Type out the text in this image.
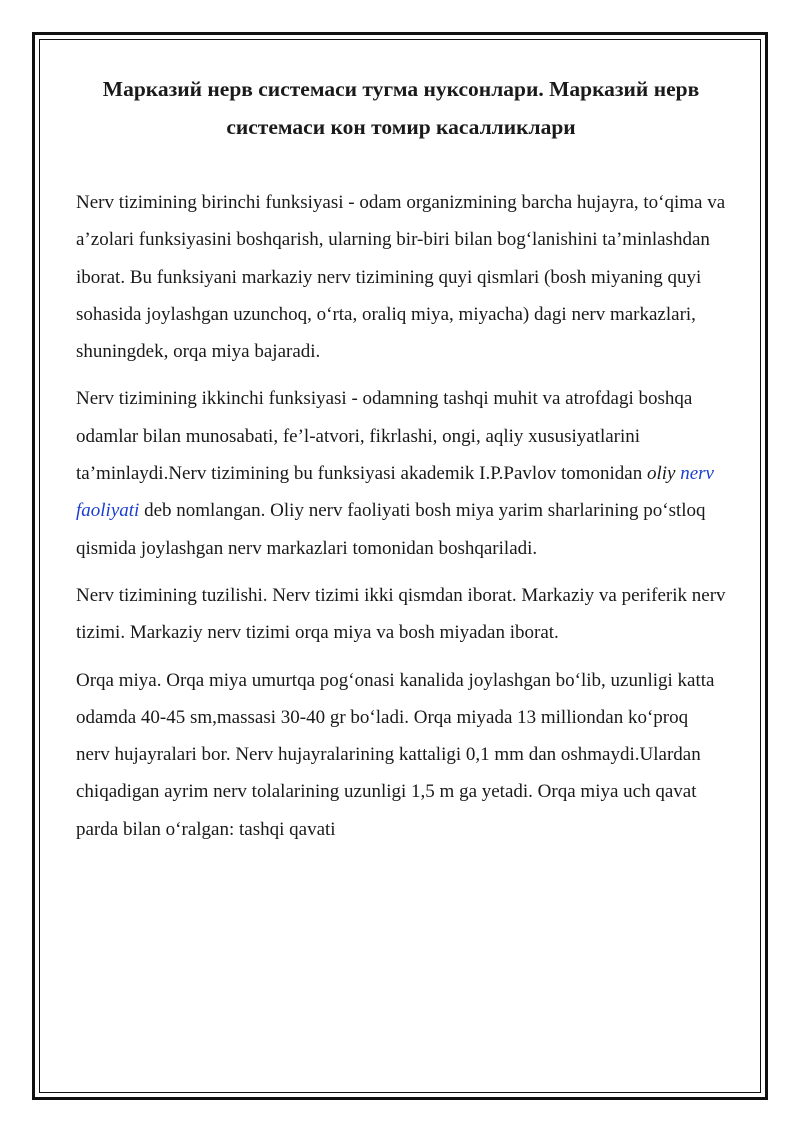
Марказий нерв системаси тугма нуксонлари. Марказий нерв системаси кон томир касалликлари

Nerv tizimining birinchi funksiyasi - odam organizmining barcha hujayra, to‘qima va a’zolari funksiyasini boshqarish, ularning bir-biri bilan bog‘lanishini ta’minlashdan iborat. Bu funksiyani markaziy nerv tizimining quyi qismlari (bosh miyaning quyi sohasida joylashgan uzunchoq, o‘rta, oraliq miya, miyacha) dagi nerv markazlari, shuningdek, orqa miya bajaradi.

Nerv tizimining ikkinchi funksiyasi - odamning tashqi muhit va atrofdagi boshqa odamlar bilan munosabati, fe’l-atvori, fikrlashi, ongi, aqliy xususiyatlarini ta’minlaydi.Nerv tizimining bu funksiyasi akademik I.P.Pavlov tomonidan oliy nerv faoliyati deb nomlangan. Oliy nerv faoliyati bosh miya yarim sharlarining po‘stloq qismida joylashgan nerv markazlari tomonidan boshqariladi.

Nerv tizimining tuzilishi. Nerv tizimi ikki qismdan iborat. Markaziy va periferik nerv tizimi. Markaziy nerv tizimi orqa miya va bosh miyadan iborat.

Orqa miya. Orqa miya umurtqa pog‘onasi kanalida joylashgan bo‘lib, uzunligi katta odamda 40-45 sm,massasi 30-40 gr bo‘ladi. Orqa miyada 13 milliondan ko‘proq nerv hujayralari bor. Nerv hujayralarining kattaligi 0,1 mm dan oshmaydi.Ulardan chiqadigan ayrim nerv tolalarining uzunligi 1,5 m ga yetadi. Orqa miya uch qavat parda bilan o‘ralgan: tashqi qavati
